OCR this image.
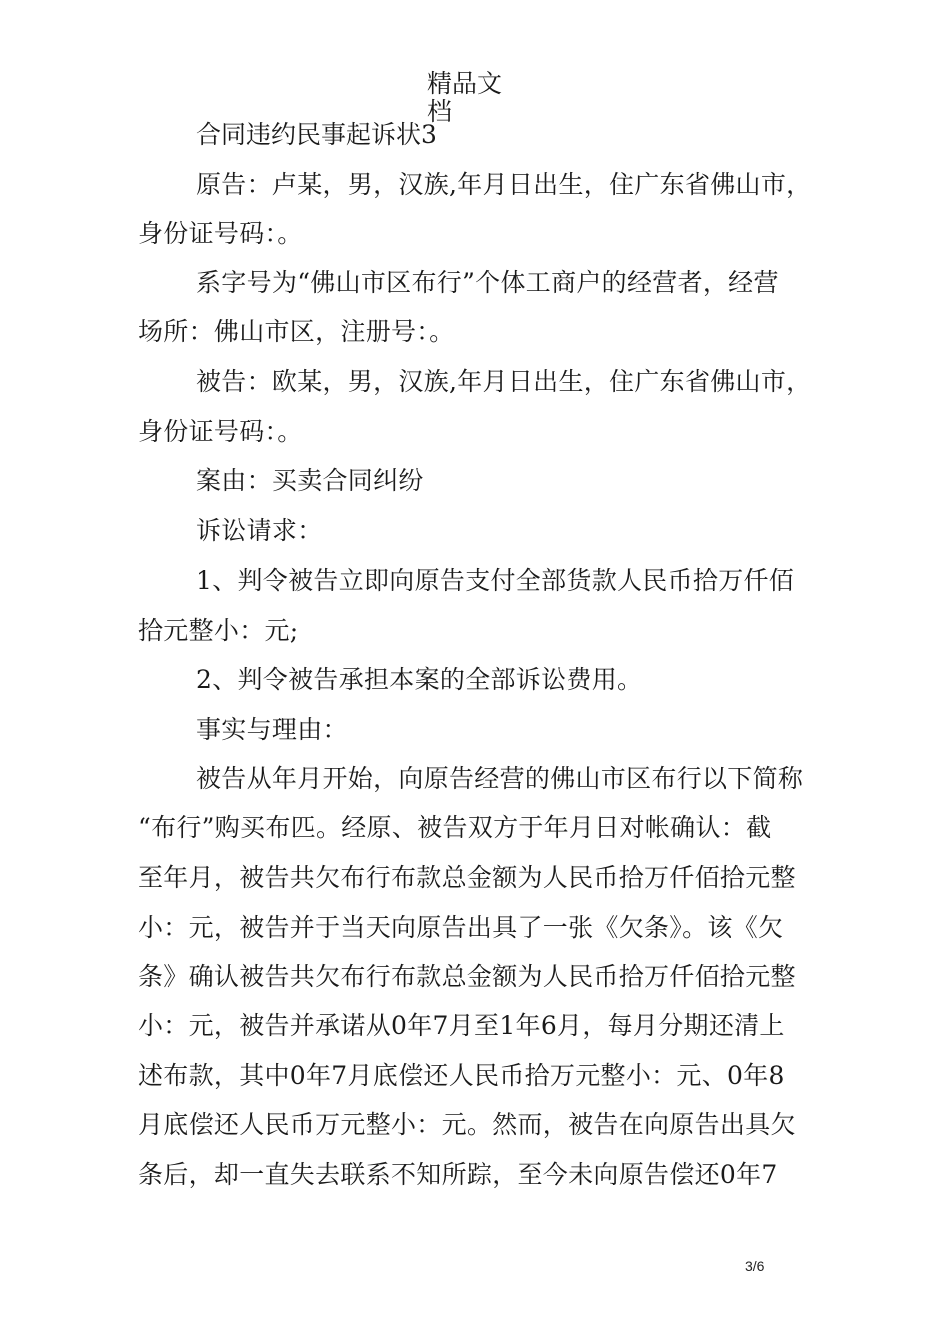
精品文
档
合同违约民事起诉状3
原告：卢某，男，汉族,年月日出生，住广东省佛山市，
身份证号码：。
系字号为“佛山市区布行”个体工商户的经营者，经营
场所：佛山市区，注册号：。
被告：欧某，男，汉族,年月日出生，住广东省佛山市，
身份证号码：。
案由：买卖合同纠纷
诉讼请求：
1、判令被告立即向原告支付全部货款人民币拾万仟佰
拾元整小：元;
2、判令被告承担本案的全部诉讼费用。
事实与理由：
被告从年月开始，向原告经营的佛山市区布行以下简称
“布行”购买布匹。经原、被告双方于年月日对帐确认：截
至年月，被告共欠布行布款总金额为人民币拾万仟佰拾元整
小：元，被告并于当天向原告出具了一张《欠条》。该《欠
条》确认被告共欠布行布款总金额为人民币拾万仟佰拾元整
小：元，被告并承诺从0年7月至1年6月，每月分期还清上
述布款，其中0年7月底偿还人民币拾万元整小：元、0年8
月底偿还人民币万元整小：元。然而，被告在向原告出具欠
条后，却一直失去联系不知所踪，至今未向原告偿还0年7
3/6
